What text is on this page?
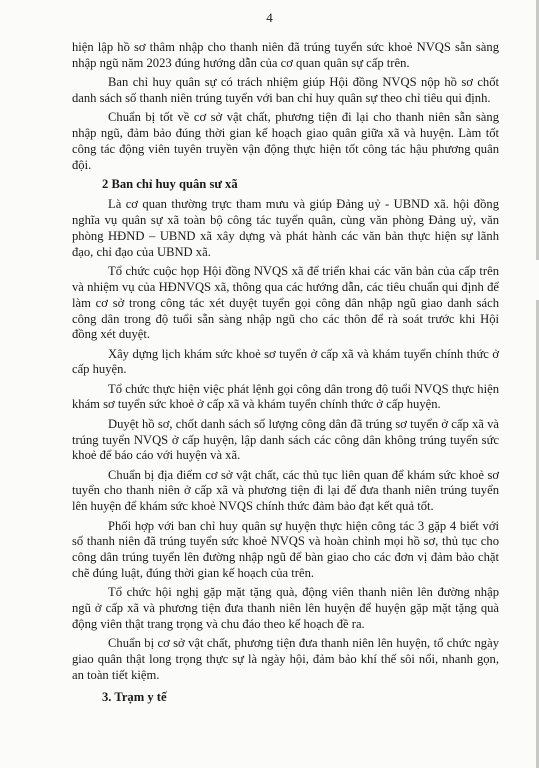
4

hiện lập hồ sơ thâm nhập cho thanh niên đã trúng tuyển sức khoẻ NVQS sẵn sàng nhập ngũ năm 2023 đúng hướng dẫn của cơ quan quân sự cấp trên.

Ban chỉ huy quân sự có trách nhiệm giúp Hội đồng NVQS nộp hồ sơ chốt danh sách số thanh niên trúng tuyển với ban chỉ huy quân sự theo chỉ tiêu qui định.

Chuẩn bị tốt về cơ sở vật chất, phương tiện đi lại cho thanh niên sẵn sàng nhập ngũ, đảm bảo đúng thời gian kế hoạch giao quân giữa xã và huyện. Làm tốt công tác động viên tuyên truyền vận động thực hiện tốt công tác hậu phương quân đội.

2 Ban chỉ huy quân sư xã

Là cơ quan thường trực tham mưu và giúp Đảng uỷ - UBND xã. hội đồng nghĩa vụ quân sự xã toàn bộ công tác tuyển quân, cùng văn phòng Đảng uỷ, văn phòng HĐND – UBND xã xây dựng và phát hành các văn bản thực hiện sự lãnh đạo, chỉ đạo của UBND xã.

Tổ chức cuộc họp Hội đồng NVQS xã để triển khai các văn bản của cấp trên và nhiệm vụ của HĐNVQS xã, thông qua các hướng dẫn, các tiêu chuẩn qui định để làm cơ sở trong công tác xét duyệt tuyển gọi công dân nhập ngũ giao danh sách công dân trong độ tuổi sẵn sàng nhập ngũ cho các thôn để rà soát trước khi Hội đồng xét duyệt.

Xây dựng lịch khám sức khoẻ sơ tuyển ở cấp xã và khám tuyển chính thức ở cấp huyện.

Tổ chức thực hiện việc phát lệnh gọi công dân trong độ tuổi NVQS thực hiện khám sơ tuyển sức khoẻ ở cấp xã và khám tuyển chính thức ở cấp huyện.

Duyệt hồ sơ, chốt danh sách số lượng công dân đã trúng sơ tuyển ở cấp xã và trúng tuyển NVQS ở cấp huyện, lập danh sách các công dân không trúng tuyển sức khoẻ để báo cáo với huyện và xã.

Chuẩn bị địa điểm cơ sở vật chất, các thủ tục liên quan để khám sức khoẻ sơ tuyển cho thanh niên ở cấp xã và phương tiện đi lại để đưa thanh niên trúng tuyển lên huyện để khám sức khoẻ NVQS chính thức đảm bảo đạt kết quả tốt.

Phối hợp với ban chỉ huy quân sự huyện thực hiện công tác 3 gặp 4 biết với số thanh niên đã trúng tuyển sức khoẻ NVQS và hoàn chỉnh mọi hồ sơ, thủ tục cho công dân trúng tuyển lên đường nhập ngũ để bàn giao cho các đơn vị đảm bảo chặt chẽ đúng luật, đúng thời gian kế hoạch của trên.

Tổ chức hội nghị gặp mặt tặng quà, động viên thanh niên lên đường nhập ngũ ở cấp xã và phương tiện đưa thanh niên lên huyện để huyện gặp mặt tặng quà động viên thật trang trọng và chu đáo theo kế hoạch đề ra.

Chuẩn bị cơ sở vật chất, phương tiện đưa thanh niên lên huyện, tổ chức ngày giao quân thật long trọng thực sự là ngày hội, đảm bảo khí thế sôi nổi, nhanh gọn, an toàn tiết kiệm.

3. Trạm y tế
